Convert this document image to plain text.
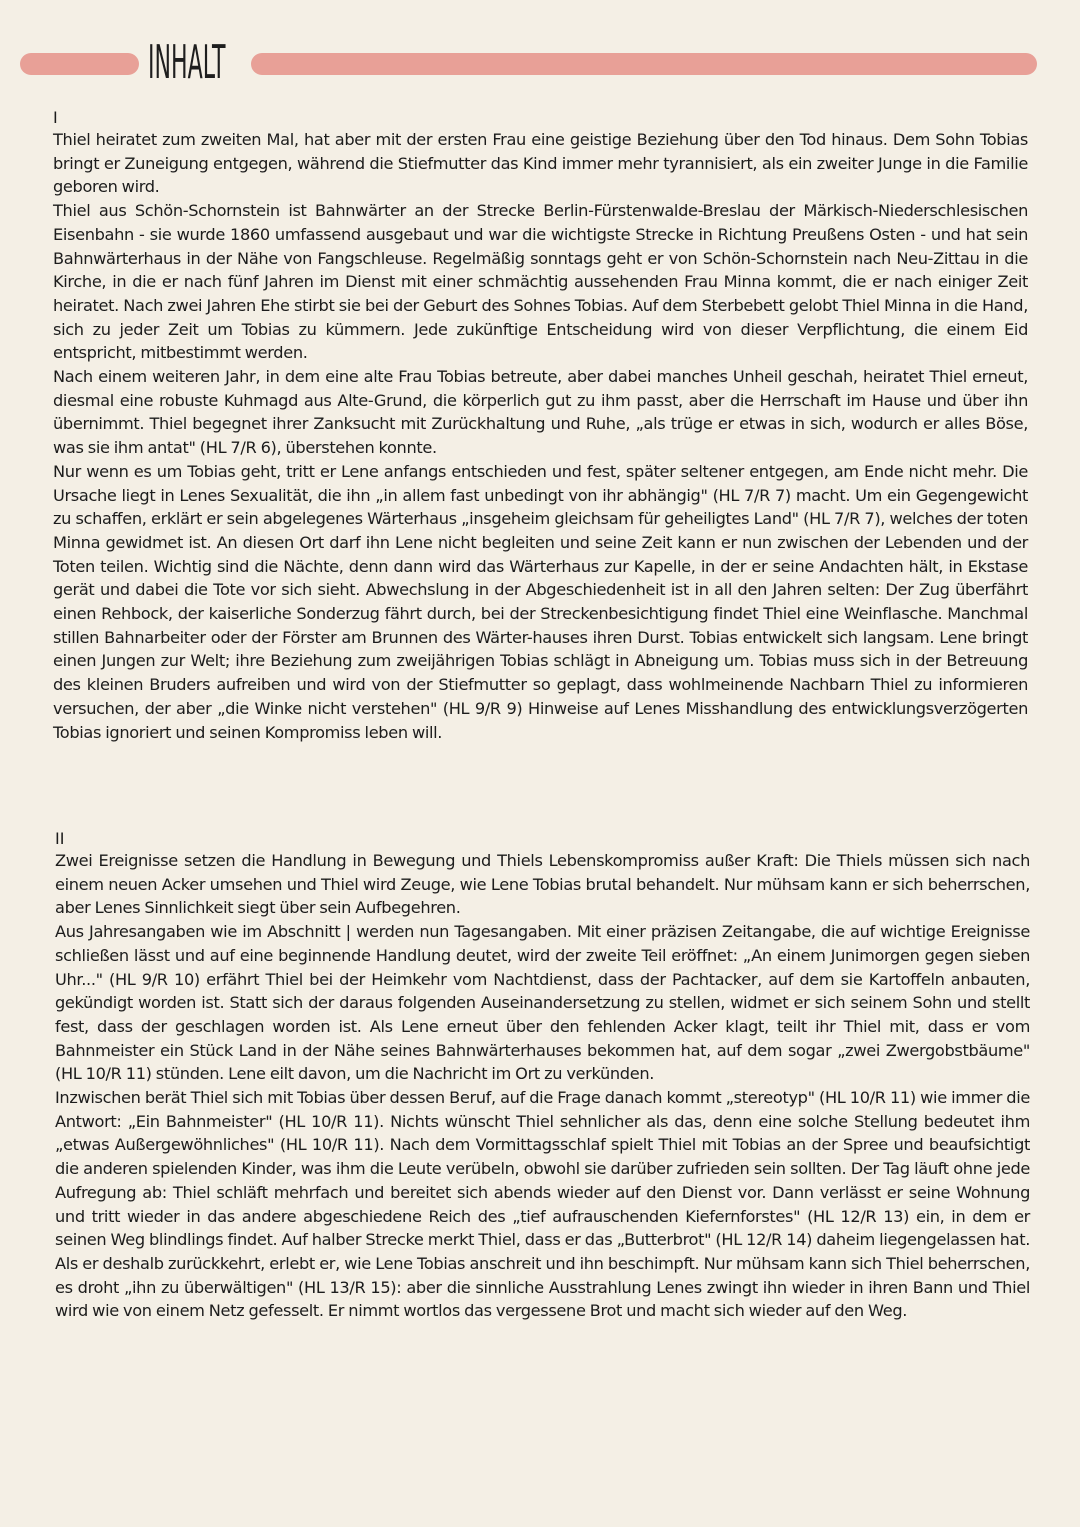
INHALT

I

Thiel heiratet zum zweiten Mal, hat aber mit der ersten Frau eine geistige Beziehung über den Tod hinaus. Dem Sohn Tobias bringt er Zuneigung entgegen, während die Stiefmutter das Kind immer mehr tyrannisiert, als ein zweiter Junge in die Familie geboren wird.

Thiel aus Schön-Schornstein ist Bahnwärter an der Strecke Berlin-Fürstenwalde-Breslau der Märkisch-Niederschlesischen Eisenbahn - sie wurde 1860 umfassend ausgebaut und war die wichtigste Strecke in Richtung Preußens Osten - und hat sein Bahnwärterhaus in der Nähe von Fangschleuse. Regelmäßig sonntags geht er von Schön-Schornstein nach Neu-Zittau in die Kirche, in die er nach fünf Jahren im Dienst mit einer schmächtig aussehenden Frau Minna kommt, die er nach einiger Zeit heiratet. Nach zwei Jahren Ehe stirbt sie bei der Geburt des Sohnes Tobias. Auf dem Sterbebett gelobt Thiel Minna in die Hand, sich zu jeder Zeit um Tobias zu kümmern. Jede zukünftige Entscheidung wird von dieser Verpflichtung, die einem Eid entspricht, mitbestimmt werden.

Nach einem weiteren Jahr, in dem eine alte Frau Tobias betreute, aber dabei manches Unheil geschah, heiratet Thiel erneut, diesmal eine robuste Kuhmagd aus Alte-Grund, die körperlich gut zu ihm passt, aber die Herrschaft im Hause und über ihn übernimmt. Thiel begegnet ihrer Zanksucht mit Zurückhaltung und Ruhe, „als trüge er etwas in sich, wodurch er alles Böse, was sie ihm antat" (HL 7/R 6), überstehen konnte.

Nur wenn es um Tobias geht, tritt er Lene anfangs entschieden und fest, später seltener entgegen, am Ende nicht mehr. Die Ursache liegt in Lenes Sexualität, die ihn „in allem fast unbedingt von ihr abhängig" (HL 7/R 7) macht. Um ein Gegengewicht zu schaffen, erklärt er sein abgelegenes Wärterhaus „insgeheim gleichsam für geheiligtes Land" (HL 7/R 7), welches der toten Minna gewidmet ist. An diesen Ort darf ihn Lene nicht begleiten und seine Zeit kann er nun zwischen der Lebenden und der Toten teilen. Wichtig sind die Nächte, denn dann wird das Wärterhaus zur Kapelle, in der er seine Andachten hält, in Ekstase gerät und dabei die Tote vor sich sieht. Abwechslung in der Abgeschiedenheit ist in all den Jahren selten: Der Zug überfährt einen Rehbock, der kaiserliche Sonderzug fährt durch, bei der Streckenbesichtigung findet Thiel eine Weinflasche. Manchmal stillen Bahnarbeiter oder der Förster am Brunnen des Wärter-hauses ihren Durst. Tobias entwickelt sich langsam. Lene bringt einen Jungen zur Welt; ihre Beziehung zum zweijährigen Tobias schlägt in Abneigung um. Tobias muss sich in der Betreuung des kleinen Bruders aufreiben und wird von der Stiefmutter so geplagt, dass wohlmeinende Nachbarn Thiel zu informieren versuchen, der aber „die Winke nicht verstehen" (HL 9/R 9) Hinweise auf Lenes Misshandlung des entwicklungsverzögerten Tobias ignoriert und seinen Kompromiss leben will.

II

Zwei Ereignisse setzen die Handlung in Bewegung und Thiels Lebenskompromiss außer Kraft: Die Thiels müssen sich nach einem neuen Acker umsehen und Thiel wird Zeuge, wie Lene Tobias brutal behandelt. Nur mühsam kann er sich beherrschen, aber Lenes Sinnlichkeit siegt über sein Aufbegehren.

Aus Jahresangaben wie im Abschnitt | werden nun Tagesangaben. Mit einer präzisen Zeitangabe, die auf wichtige Ereignisse schließen lässt und auf eine beginnende Handlung deutet, wird der zweite Teil eröffnet: „An einem Junimorgen gegen sieben Uhr..." (HL 9/R 10) erfährt Thiel bei der Heimkehr vom Nachtdienst, dass der Pachtacker, auf dem sie Kartoffeln anbauten, gekündigt worden ist. Statt sich der daraus folgenden Auseinandersetzung zu stellen, widmet er sich seinem Sohn und stellt fest, dass der geschlagen worden ist. Als Lene erneut über den fehlenden Acker klagt, teilt ihr Thiel mit, dass er vom Bahnmeister ein Stück Land in der Nähe seines Bahnwärterhauses bekommen hat, auf dem sogar „zwei Zwergobstbäume" (HL 10/R 11) stünden. Lene eilt davon, um die Nachricht im Ort zu verkünden.

Inzwischen berät Thiel sich mit Tobias über dessen Beruf, auf die Frage danach kommt „stereotyp" (HL 10/R 11) wie immer die Antwort: „Ein Bahnmeister" (HL 10/R 11). Nichts wünscht Thiel sehnlicher als das, denn eine solche Stellung bedeutet ihm „etwas Außergewöhnliches" (HL 10/R 11). Nach dem Vormittagsschlaf spielt Thiel mit Tobias an der Spree und beaufsichtigt die anderen spielenden Kinder, was ihm die Leute verübeln, obwohl sie darüber zufrieden sein sollten. Der Tag läuft ohne jede Aufregung ab: Thiel schläft mehrfach und bereitet sich abends wieder auf den Dienst vor. Dann verlässt er seine Wohnung und tritt wieder in das andere abgeschiedene Reich des „tief aufrauschenden Kiefernforstes" (HL 12/R 13) ein, in dem er seinen Weg blindlings findet. Auf halber Strecke merkt Thiel, dass er das „Butterbrot" (HL 12/R 14) daheim liegengelassen hat. Als er deshalb zurückkehrt, erlebt er, wie Lene Tobias anschreit und ihn beschimpft. Nur mühsam kann sich Thiel beherrschen, es droht „ihn zu überwältigen" (HL 13/R 15): aber die sinnliche Ausstrahlung Lenes zwingt ihn wieder in ihren Bann und Thiel wird wie von einem Netz gefesselt. Er nimmt wortlos das vergessene Brot und macht sich wieder auf den Weg.
